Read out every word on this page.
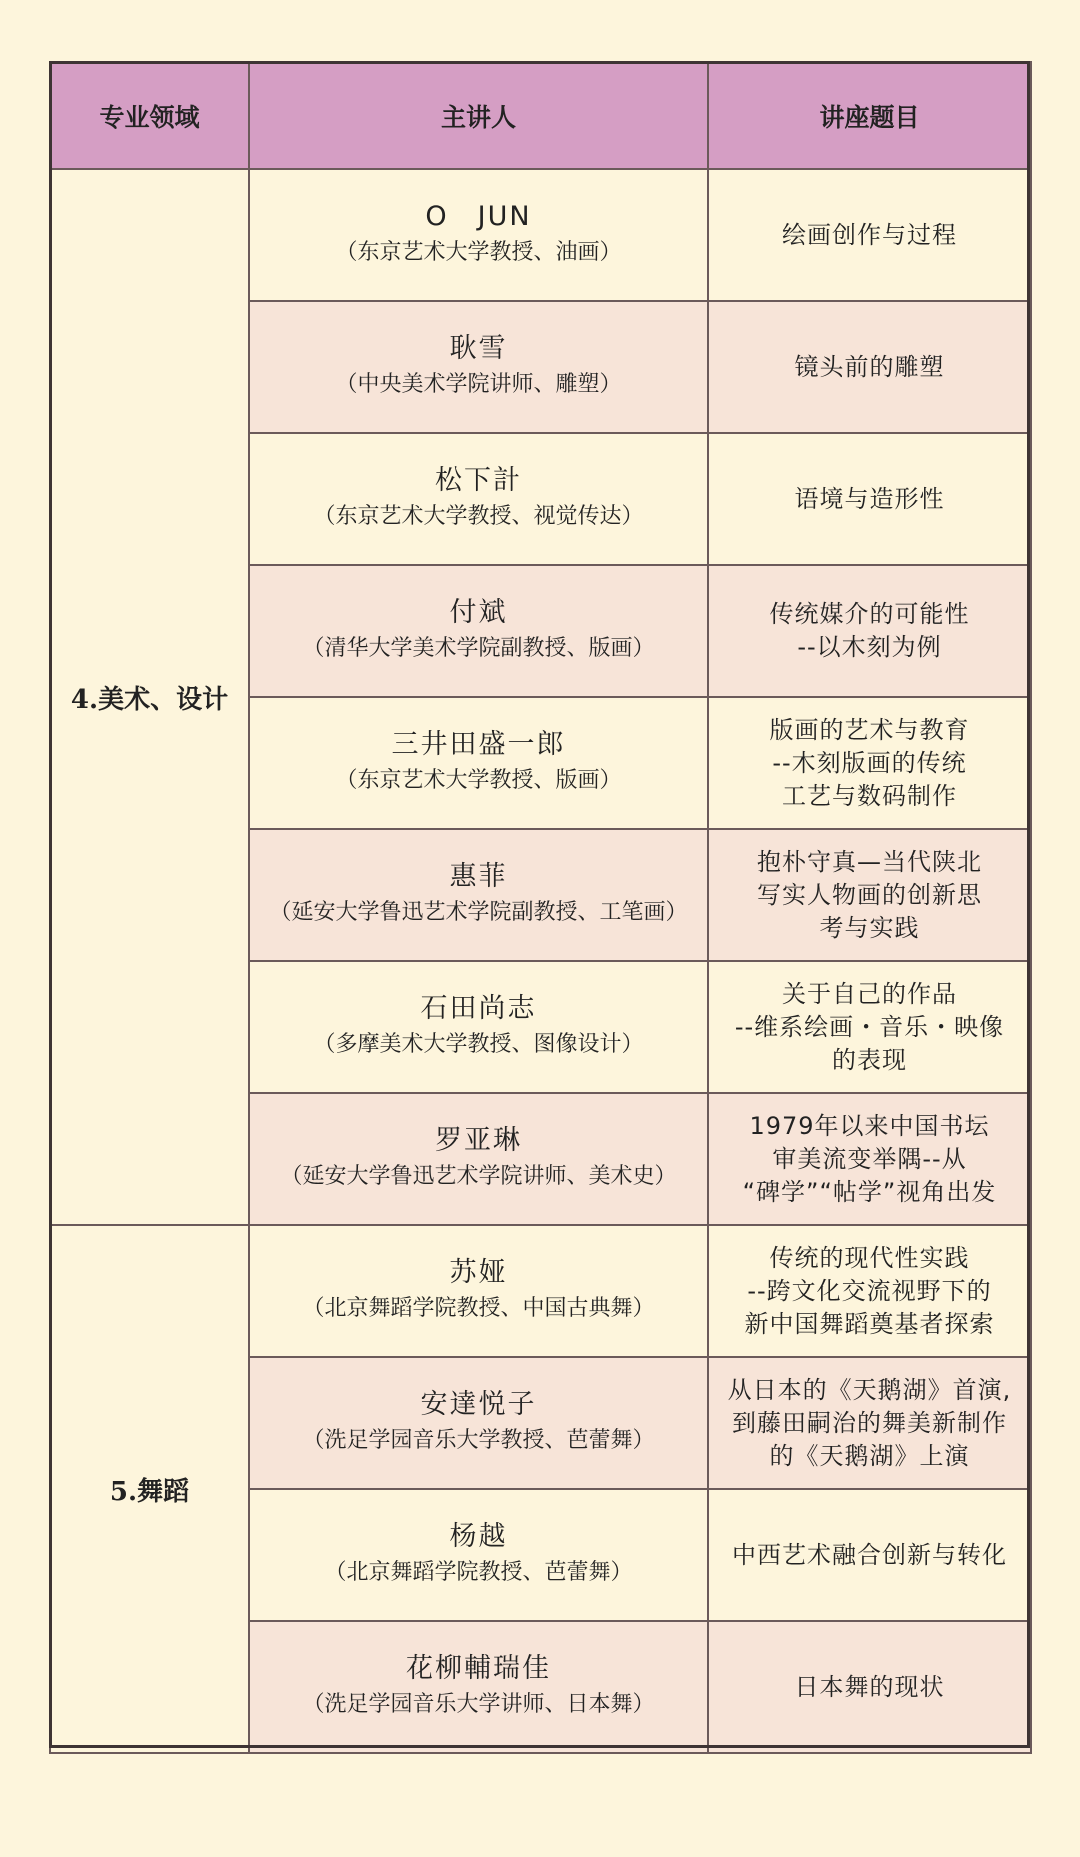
专业领域	主讲人	讲座题目
4.美术、设计	O　JUN
（东京艺术大学教授、油画）	绘画创作与过程

	耿雪
（中央美术学院讲师、雕塑）	镜头前的雕塑

	松下計
（东京艺术大学教授、视觉传达）	语境与造形性

	付斌
（清华大学美术学院副教授、版画）	传统媒介的可能性
--以木刻为例

	三井田盛一郎
（东京艺术大学教授、版画）	版画的艺术与教育
--木刻版画的传统
工艺与数码制作

	惠菲
（延安大学鲁迅艺术学院副教授、工笔画）	抱朴守真—当代陕北
写实人物画的创新思
考与实践

	石田尚志
（多摩美术大学教授、图像设计）	关于自己的作品
--维系绘画・音乐・映像
的表现

	罗亚琳
（延安大学鲁迅艺术学院讲师、美术史）	1979年以来中国书坛
审美流变举隅--从
“碑学”“帖学”视角出发

5.舞蹈	苏娅
（北京舞蹈学院教授、中国古典舞）	传统的现代性实践
--跨文化交流视野下的
新中国舞蹈奠基者探索

	安達悦子
（洗足学园音乐大学教授、芭蕾舞）	从日本的《天鹅湖》首演,
到藤田嗣治的舞美新制作
的《天鹅湖》上演

	杨越
（北京舞蹈学院教授、芭蕾舞）	中西艺术融合创新与转化

	花柳輔瑞佳
（洗足学园音乐大学讲师、日本舞）	日本舞的现状
